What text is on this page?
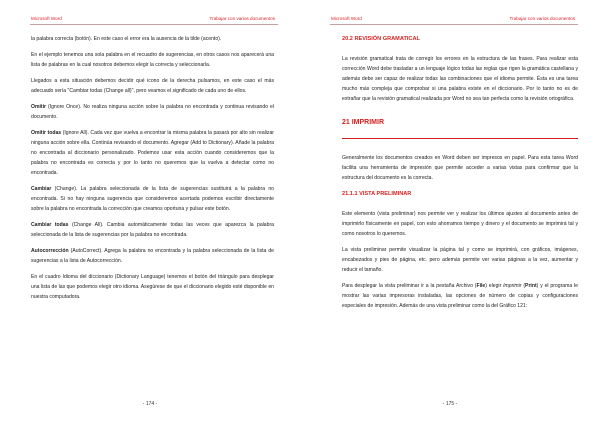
Microsoft Word	Trabajar con varios documentos

la palabra correcta (botón). En este caso el error era la ausencia de la tilde (acento).

En el ejemplo tenemos una sola palabra en el recuadro de sugerencias, en otros casos nos aparecerá una lista de palabras en la cual nosotros debemos elegir la correcta y seleccionarla.

Llegados a esta situación debemos decidir qué icono de la derecha pulsamos, en este caso el más adecuado sería "Cambiar todas (Change all)", pero veamos el significado de cada uno de ellos.

Omitir (Ignore Once). No realiza ninguna acción sobre la palabra no encontrada y continua revisando el documento.

Omitir todas (Ignore All). Cada vez que vuelva a encontrar la misma palabra la pasará por alto sin realizar ninguna acción sobre ella. Continúa revisando el documento. Agregar (Add to Dictionary). Añade la palabra no encontrada al diccionario personalizado. Podemos usar esta acción cuando consideremos que la palabra no encontrada es correcta y por lo tanto no queremos que la vuelva a detectar como no encontrada.

Cambiar (Change). La palabra seleccionada de la lista de sugerencias sustituirá a la palabra no encontrada. Si no hay ninguna sugerencia que consideremos acertada podemos escribir directamente sobre la palabra no encontrada la corrección que creamos oportuna y pulsar este botón.

Cambiar todas (Change All). Cambia automáticamente todas las veces que aparezca la palabra seleccionada de la lista de sugerencias por la palabra no encontrada.

Autocorrección (AutoCorrect). Agrega la palabra no encontrada y la palabra seleccionada de la lista de sugerencias a la lista de Autocorrección.

En el cuadro Idioma del diccionario (Dictionary Language) tenemos el botón del triángulo para desplegar una lista de las que podemos elegir otro idioma. Asegúrese de que el diccionario elegido esté disponible en nuestra computadora.

- 174 -
Microsoft Word	Trabajar con varios documentos
20.2 REVISIÓN GRAMATICAL

La revisión gramatical trata de corregir los errores en la estructura de las frases. Para realizar esta corrección Word debe trasladar a un lenguaje lógico todas las reglas que rigen la gramática castellana y además debe ser capaz de realizar todas las combinaciones que el idioma permite. Ésta es una tarea mucho más compleja que comprobar si una palabra existe en el diccionario. Por lo tanto no es de extrañar que la revisión gramatical realizada por Word no sea tan perfecta como la revisión ortográfica.

21 IMPRIMIR

Generalmente los documentos creados en Word deben ser impresos en papel. Para esta tarea Word facilita una herramienta de impresión que permite acceder a varias vistas para confirmar que la estructura del documento es la correcta.

21.1.1 VISTA PRELIMINAR

Este elemento (vista preliminar) nos permite ver y realizar los últimos ajustes al documento antes de imprimirlo físicamente en papel, con esto ahorramos tiempo y dinero y el documento se imprimirá tal y como nosotros lo queremos.

La vista preliminar permite visualizar la página tal y como se imprimirá, con gráficos, imágenes, encabezados y pies de página, etc. pero además permite ver varias páginas a la vez, aumentar y reducir el tamaño.

Para desplegar la vista preliminar ir a la pestaña Archivo (File) elegir Imprimir (Print) y el programa le mostrar las varias impresoras instaladas, las opciones de número de copias y configuraciones especiales de impresión. Además de una vista preliminar como la del Gráfico 121:

- 175 -
